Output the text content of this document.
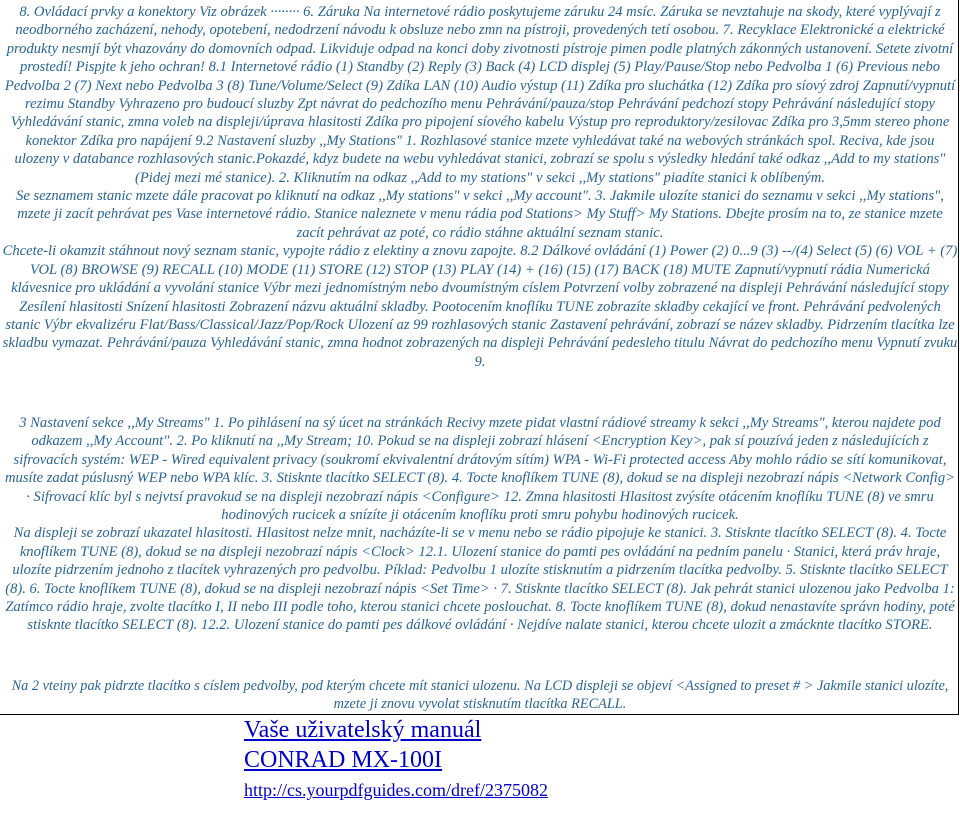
8. Ovládací prvky a konektory Viz obrázek ········ 6. Záruka Na internetové rádio poskytujeme záruku 24 msíc. Záruka se nevztahuje na skody, které vyplývají z neodborného zacházení, nehody, opotebení, nedodrzení návodu k obsluze nebo zmn na pístroji, provedených tetí osobou. 7. Recyklace Elektronické a elektrické produkty nesmjí být vhazovány do domovních odpad. Likviduje odpad na konci doby zivotnosti pístroje pimen podle platných zákonných ustanovení. Setete zivotní prostedí! Pispjte k jeho ochran! 8.1 Internetové rádio (1) Standby (2) Reply (3) Back (4) LCD displej (5) Play/Pause/Stop nebo Pedvolba 1 (6) Previous nebo Pedvolba 2 (7) Next nebo Pedvolba 3 (8) Tune/Volume/Select (9) Zdíka LAN (10) Audio výstup (11) Zdíka pro sluchátka (12) Zdíka pro síový zdroj Zapnutí/vypnutí rezimu Standby Vyhrazeno pro budoucí sluzby Zpt návrat do pedchozího menu Pehrávání/pauza/stop Pehrávání pedchozí stopy Pehrávání následující stopy Vyhledávání stanic, zmna voleb na displeji/úprava hlasitosti Zdíka pro pipojení síového kabelu Výstup pro reproduktory/zesilovac Zdíka pro 3,5mm stereo phone konektor Zdíka pro napájení 9.2 Nastavení sluzby ,,My Stations" 1. Rozhlasové stanice mzete vyhledávat také na webových stránkách spol. Reciva, kde jsou ulozeny v databance rozhlasových stanic.Pokazdé, kdyz budete na webu vyhledávat stanici, zobrazí se spolu s výsledky hledání také odkaz ,,Add to my stations" (Pidej mezi mé stanice). 2. Kliknutím na odkaz ,,Add to my stations" v sekci ,,My stations" piadíte stanici k oblíbeným.

Se seznamem stanic mzete dále pracovat po kliknutí na odkaz ,,My stations" v sekci ,,My account". 3. Jakmile ulozíte stanici do seznamu v sekci ,,My stations", mzete ji zacít pehrávat pes Vase internetové rádio. Stanice naleznete v menu rádia pod Stations> My Stuff> My Stations. Dbejte prosím na to, ze stanice mzete zacít pehrávat az poté, co rádio stáhne aktuální seznam stanic.

Chcete-li okamzit stáhnout nový seznam stanic, vypojte rádio z elektiny a znovu zapojte. 8.2 Dálkové ovládání (1) Power (2) 0...9 (3) --/(4) Select (5) (6) VOL + (7) VOL (8) BROWSE (9) RECALL (10) MODE (11) STORE (12) STOP (13) PLAY (14) + (16) (15) (17) BACK (18) MUTE Zapnutí/vypnutí rádia Numerická klávesnice pro ukládání a vyvolání stanice Výbr mezi jednomístným nebo dvoumístným císlem Potvrzení volby zobrazené na displeji Pehrávání následující stopy Zesílení hlasitosti Snízení hlasitosti Zobrazení názvu aktuální skladby. Pootocením knoflíku TUNE zobrazíte skladby cekající ve front. Pehrávání pedvolených stanic Výbr ekvalizéru Flat/Bass/Classical/Jazz/Pop/Rock Ulození az 99 rozhlasových stanic Zastavení pehrávání, zobrazí se název skladby. Pidrzením tlacítka lze skladbu vymazat. Pehrávání/pauza Vyhledávání stanic, zmna hodnot zobrazených na displeji Pehrávání pedesleho titulu Návrat do pedchozího menu Vypnutí zvuku 9.

3 Nastavení sekce ,,My Streams" 1. Po pihlásení na sý úcet na stránkách Recivy mzete pidat vlastní rádiové streamy k sekci ,,My Streams", kterou najdete pod odkazem ,,My Account". 2. Po kliknutí na ,,My Stream; 10. Pokud se na displeji zobrazí hlásení <Encryption Key>, pak sí pouzívá jeden z následujících z sifrovacích systém: WEP - Wired equivalent privacy (soukromí ekvivalentní drátovým sítím) WPA - Wi-Fi protected access Aby mohlo rádio se sítí komunikovat, musíte zadat púslusný WEP nebo WPA klíc. 3. Stisknte tlacítko SELECT (8). 4. Tocte knoflíkem TUNE (8), dokud se na displeji nezobrazí nápis <Network Config> · Sifrovací klíc byl s nejvtsí pravokud se na displeji nezobrazí nápis <Configure> 12. Zmna hlasitosti Hlasitost zvýsíte otácením knoflíku TUNE (8) ve smru hodinových rucicek a snízíte ji otácením knoflíku proti smru pohybu hodinových rucicek.

Na displeji se zobrazí ukazatel hlasitosti. Hlasitost nelze mnit, nacházíte-li se v menu nebo se rádio pipojuje ke stanici. 3. Stisknte tlacítko SELECT (8). 4. Tocte knoflíkem TUNE (8), dokud se na displeji nezobrazí nápis <Clock> 12.1. Ulození stanice do pamti pes ovládání na pedním panelu · Stanici, která práv hraje, ulozíte pidrzením jednoho z tlacítek vyhrazených pro pedvolbu. Píklad: Pedvolbu 1 ulozíte stisknutím a pidrzením tlacítka pedvolby. 5. Stisknte tlacítko SELECT (8). 6. Tocte knoflíkem TUNE (8), dokud se na displeji nezobrazí nápis <Set Time> · 7. Stisknte tlacítko SELECT (8). Jak pehrát stanici ulozenou jako Pedvolba 1: Zatímco rádio hraje, zvolte tlacítko I, II nebo III podle toho, kterou stanici chcete poslouchat. 8. Tocte knoflíkem TUNE (8), dokud nenastavíte správn hodiny, poté stisknte tlacítko SELECT (8). 12.2. Ulození stanice do pamti pes dálkové ovládání · Nejdíve nalate stanici, kterou chcete ulozit a zmácknte tlacítko STORE.

Na 2 vteiny pak pidrzte tlacítko s císlem pedvolby, pod kterým chcete mít stanici ulozenu. Na LCD displeji se objeví <Assigned to preset # > Jakmile stanici ulozíte, mzete ji znovu vyvolat stisknutím tlacítka RECALL.

Vaše uživatelský manuál
CONRAD MX-100I
http://cs.yourpdfguides.com/dref/2375082
